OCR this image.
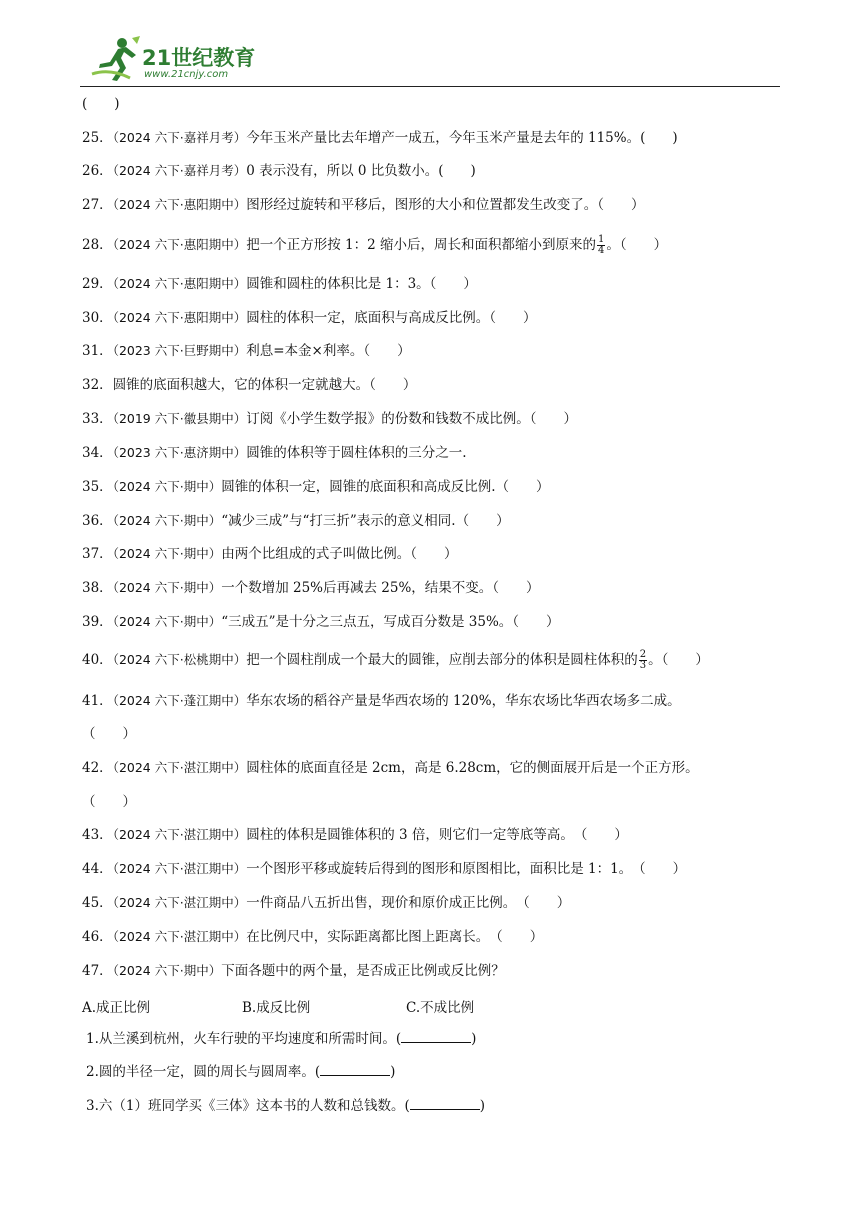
21世纪教育
www.21cnjy.com
(　　)
25．（2024 六下·嘉祥月考）今年玉米产量比去年增产一成五，今年玉米产量是去年的 115%。(　　)
26．（2024 六下·嘉祥月考）0 表示没有，所以 0 比负数小。(　　)
27．（2024 六下·惠阳期中）图形经过旋转和平移后，图形的大小和位置都发生改变了。（　　）
28．（2024 六下·惠阳期中）把一个正方形按 1：2 缩小后，周长和面积都缩小到原来的 $\frac{1}{4}$ 。（　　）
29．（2024 六下·惠阳期中）圆锥和圆柱的体积比是 1：3。（　　）
30．（2024 六下·惠阳期中）圆柱的体积一定，底面积与高成反比例。（　　）
31．（2023 六下·巨野期中）利息=本金×利率。（　　）
32．圆锥的底面积越大，它的体积一定就越大。（　　）
33．（2019 六下·徽县期中）订阅《小学生数学报》的份数和钱数不成比例。（　　）
34．（2023 六下·惠济期中）圆锥的体积等于圆柱体积的三分之一.
35．（2024 六下·期中）圆锥的体积一定，圆锥的底面积和高成反比例.（　　）
36．（2024 六下·期中）“减少三成”与“打三折”表示的意义相同.（　　）
37．（2024 六下·期中）由两个比组成的式子叫做比例。（　　）
38．（2024 六下·期中）一个数增加 25%后再减去 25%，结果不变。（　　）
39．（2024 六下·期中）“三成五”是十分之三点五，写成百分数是 35%。（　　）
40．（2024 六下·松桃期中）把一个圆柱削成一个最大的圆锥，应削去部分的体积是圆柱体积的 $\frac{2}{3}$ 。（　　）
41．（2024 六下·蓬江期中）华东农场的稻谷产量是华西农场的 120%，华东农场比华西农场多二成。
（　　）
42．（2024 六下·湛江期中）圆柱体的底面直径是 2cm，高是 6.28cm，它的侧面展开后是一个正方形。
（　　）
43．（2024 六下·湛江期中）圆柱的体积是圆锥体积的 3 倍，则它们一定等底等高。　（　　）
44．（2024 六下·湛江期中）一个图形平移或旋转后得到的图形和原图相比，面积比是 1：1。　（　　）
45．（2024 六下·湛江期中）一件商品八五折出售，现价和原价成正比例。　（　　）
46．（2024 六下·湛江期中）在比例尺中，实际距离都比图上距离长。　（　　）
47．（2024 六下·期中）下面各题中的两个量，是否成正比例或反比例？
A.成正比例	B.成反比例	C.不成比例
1.从兰溪到杭州，火车行驶的平均速度和所需时间。(	)
2.圆的半径一定，圆的周长与圆周率。(	)
3.六（1）班同学买《三体》这本书的人数和总钱数。(	)
